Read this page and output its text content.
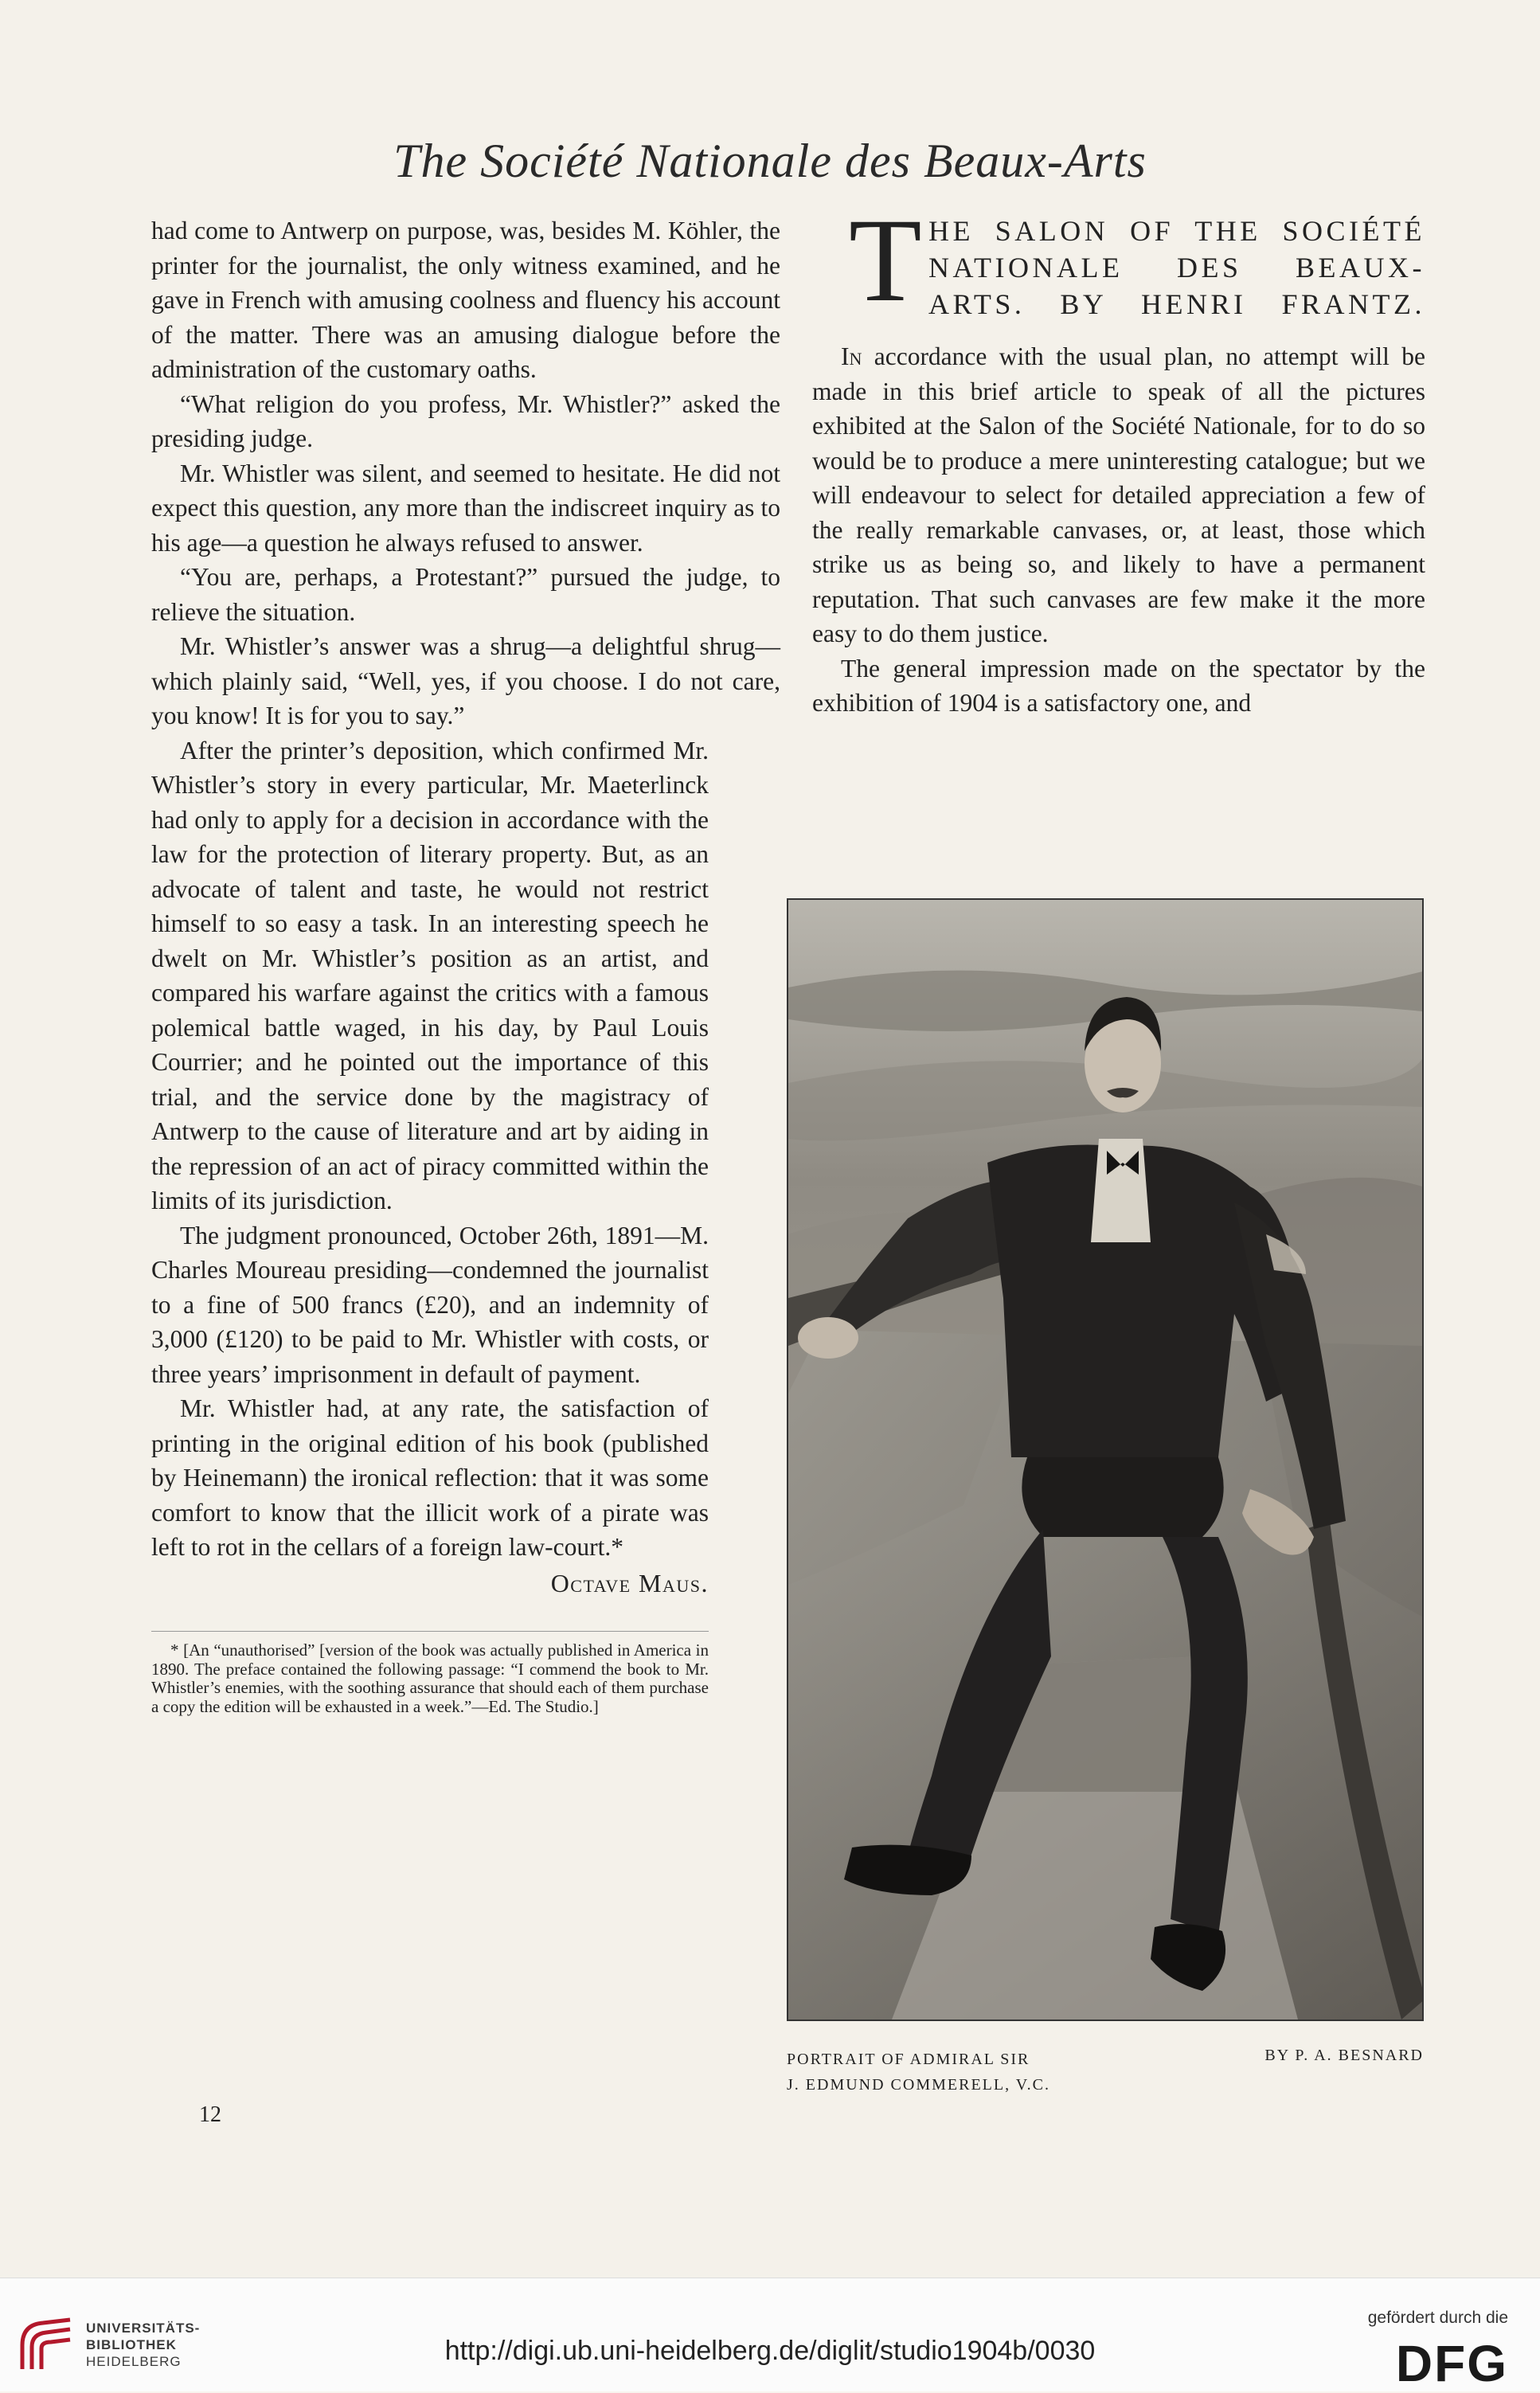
The Société Nationale des Beaux-Arts

had come to Antwerp on purpose, was, besides M. Köhler, the printer for the journalist, the only witness examined, and he gave in French with amusing coolness and fluency his account of the matter. There was an amusing dialogue before the administration of the customary oaths.

“What religion do you profess, Mr. Whistler?” asked the presiding judge.

Mr. Whistler was silent, and seemed to hesitate. He did not expect this question, any more than the indiscreet inquiry as to his age—a question he always refused to answer.

“You are, perhaps, a Protestant?” pursued the judge, to relieve the situation.

Mr. Whistler’s answer was a shrug—a delightful shrug—which plainly said, “Well, yes, if you choose. I do not care, you know! It is for you to say.”

After the printer’s deposition, which confirmed Mr. Whistler’s story in every particular, Mr. Maeterlinck had only to apply for a decision in accordance with the law for the protection of literary property. But, as an advocate of talent and taste, he would not restrict himself to so easy a task. In an interesting speech he dwelt on Mr. Whistler’s position as an artist, and compared his warfare against the critics with a famous polemical battle waged, in his day, by Paul Louis Courrier; and he pointed out the importance of this trial, and the service done by the magistracy of Antwerp to the cause of literature and art by aiding in the repression of an act of piracy committed within the limits of its jurisdiction.

The judgment pronounced, October 26th, 1891—M. Charles Moureau presiding—condemned the journalist to a fine of 500 francs (£20), and an indemnity of 3,000 (£120) to be paid to Mr. Whistler with costs, or three years’ imprisonment in default of payment.

Mr. Whistler had, at any rate, the satisfaction of printing in the original edition of his book (published by Heinemann) the ironical reflection: that it was some comfort to know that the illicit work of a pirate was left to rot in the cellars of a foreign law-court.*

Octave Maus.

* [An “unauthorised” [version of the book was actually published in America in 1890. The preface contained the following passage: “I commend the book to Mr. Whistler’s enemies, with the soothing assurance that should each of them purchase a copy the edition will be exhausted in a week.”—Ed. The Studio.]

12
T HE SALON OF THE SOCIÉTÉ
NATIONALE DES BEAUX-
ARTS. BY HENRI FRANTZ.

In accordance with the usual plan, no attempt will be made in this brief article to speak of all the pictures exhibited at the Salon of the Société Nationale, for to do so would be to produce a mere uninteresting catalogue; but we will endeavour to select for detailed appreciation a few of the really remarkable canvases, or, at least, those which strike us as being so, and likely to have a permanent reputation. That such canvases are few make it the more easy to do them justice.

The general impression made on the spectator by the exhibition of 1904 is a satisfactory one, and

PORTRAIT OF ADMIRAL SIR
J. EDMUND COMMERELL, V.C.
BY P. A. BESNARD
UNIVERSITÄTS-
BIBLIOTHEK
HEIDELBERG	http://digi.ub.uni-heidelberg.de/diglit/studio1904b/0030
gefördert durch die
DFG
